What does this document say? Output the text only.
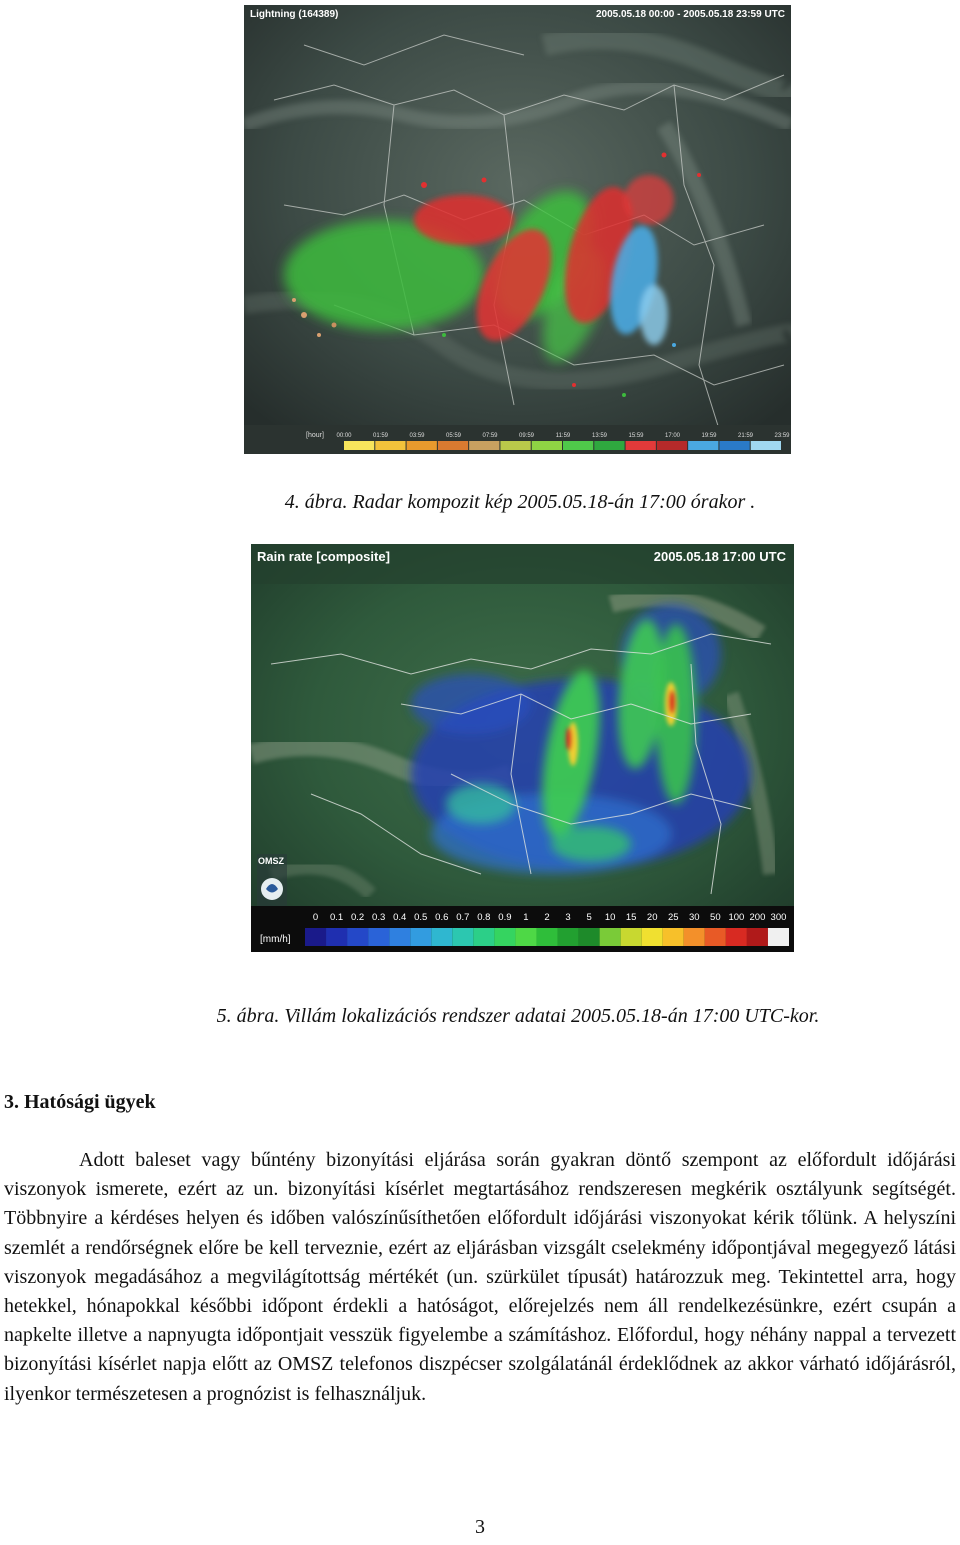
[hour] 00:00	01:59	03:59	05:59	07:59	09:59	11:59	13:59	15:59	17:00	19:59	21:59	23:59
Lightning (164389)	2005.05.18 00:00 - 2005.05.18 23:59 UTC
4. ábra. Radar kompozit kép 2005.05.18-án 17:00 órakor .
0 0.1 0.2 0.3 0.4 0.5 0.6 0.7 0.8 0.9 1 2 3 5 10 15 20 25 30 50 100 200 300
[mm/h]
Rain rate [composite]	2005.05.18 17:00 UTC
OMSZ
5. ábra. Villám lokalizációs rendszer adatai 2005.05.18-án 17:00 UTC-kor.
3. Hatósági ügyek

Adott baleset vagy bűntény bizonyítási eljárása során gyakran döntő szempont az előfordult időjárási viszonyok ismerete, ezért az un. bizonyítási kísérlet megtartásához rendszeresen megkérik osztályunk segítségét. Többnyire a kérdéses helyen és időben valószínűsíthetően előfordult időjárási viszonyokat kérik tőlünk. A helyszíni szemlét a rendőrségnek előre be kell terveznie, ezért az eljárásban vizsgált cselekmény időpontjával megegyező látási viszonyok megadásához a megvilágítottság mértékét (un. szürkület típusát) határozzuk meg. Tekintettel arra, hogy hetekkel, hónapokkal későbbi időpont érdekli a hatóságot, előrejelzés nem áll rendelkezésünkre, ezért csupán a napkelte illetve a napnyugta időpontjait vesszük figyelembe a számításhoz. Előfordul, hogy néhány nappal a tervezett bizonyítási kísérlet napja előtt az OMSZ telefonos diszpécser szolgálatánál érdeklődnek az akkor várható időjárásról, ilyenkor természetesen a prognózist is felhasználjuk.

3
